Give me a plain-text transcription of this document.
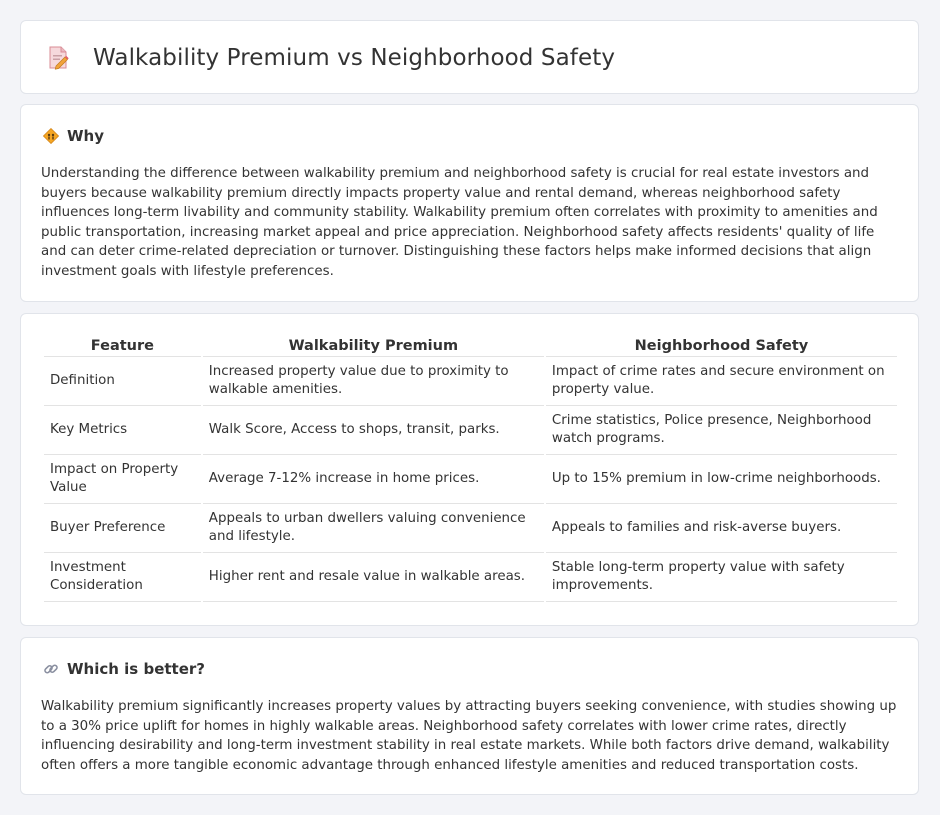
Walkability Premium vs Neighborhood Safety
Why

Understanding the difference between walkability premium and neighborhood safety is crucial for real estate investors and buyers because walkability premium directly impacts property value and rental demand, whereas neighborhood safety influences long-term livability and community stability. Walkability premium often correlates with proximity to amenities and public transportation, increasing market appeal and price appreciation. Neighborhood safety affects residents' quality of life and can deter crime-related depreciation or turnover. Distinguishing these factors helps make informed decisions that align investment goals with lifestyle preferences.

Feature	Walkability Premium	Neighborhood Safety
Definition	Increased property value due to proximity to walkable amenities.	Impact of crime rates and secure environment on property value.
Key Metrics	Walk Score, Access to shops, transit, parks.	Crime statistics, Police presence, Neighborhood watch programs.
Impact on Property Value	Average 7-12% increase in home prices.	Up to 15% premium in low-crime neighborhoods.
Buyer Preference	Appeals to urban dwellers valuing convenience and lifestyle.	Appeals to families and risk-averse buyers.
Investment Consideration	Higher rent and resale value in walkable areas.	Stable long-term property value with safety improvements.
Which is better?

Walkability premium significantly increases property values by attracting buyers seeking convenience, with studies showing up to a 30% price uplift for homes in highly walkable areas. Neighborhood safety correlates with lower crime rates, directly influencing desirability and long-term investment stability in real estate markets. While both factors drive demand, walkability often offers a more tangible economic advantage through enhanced lifestyle amenities and reduced transportation costs.
